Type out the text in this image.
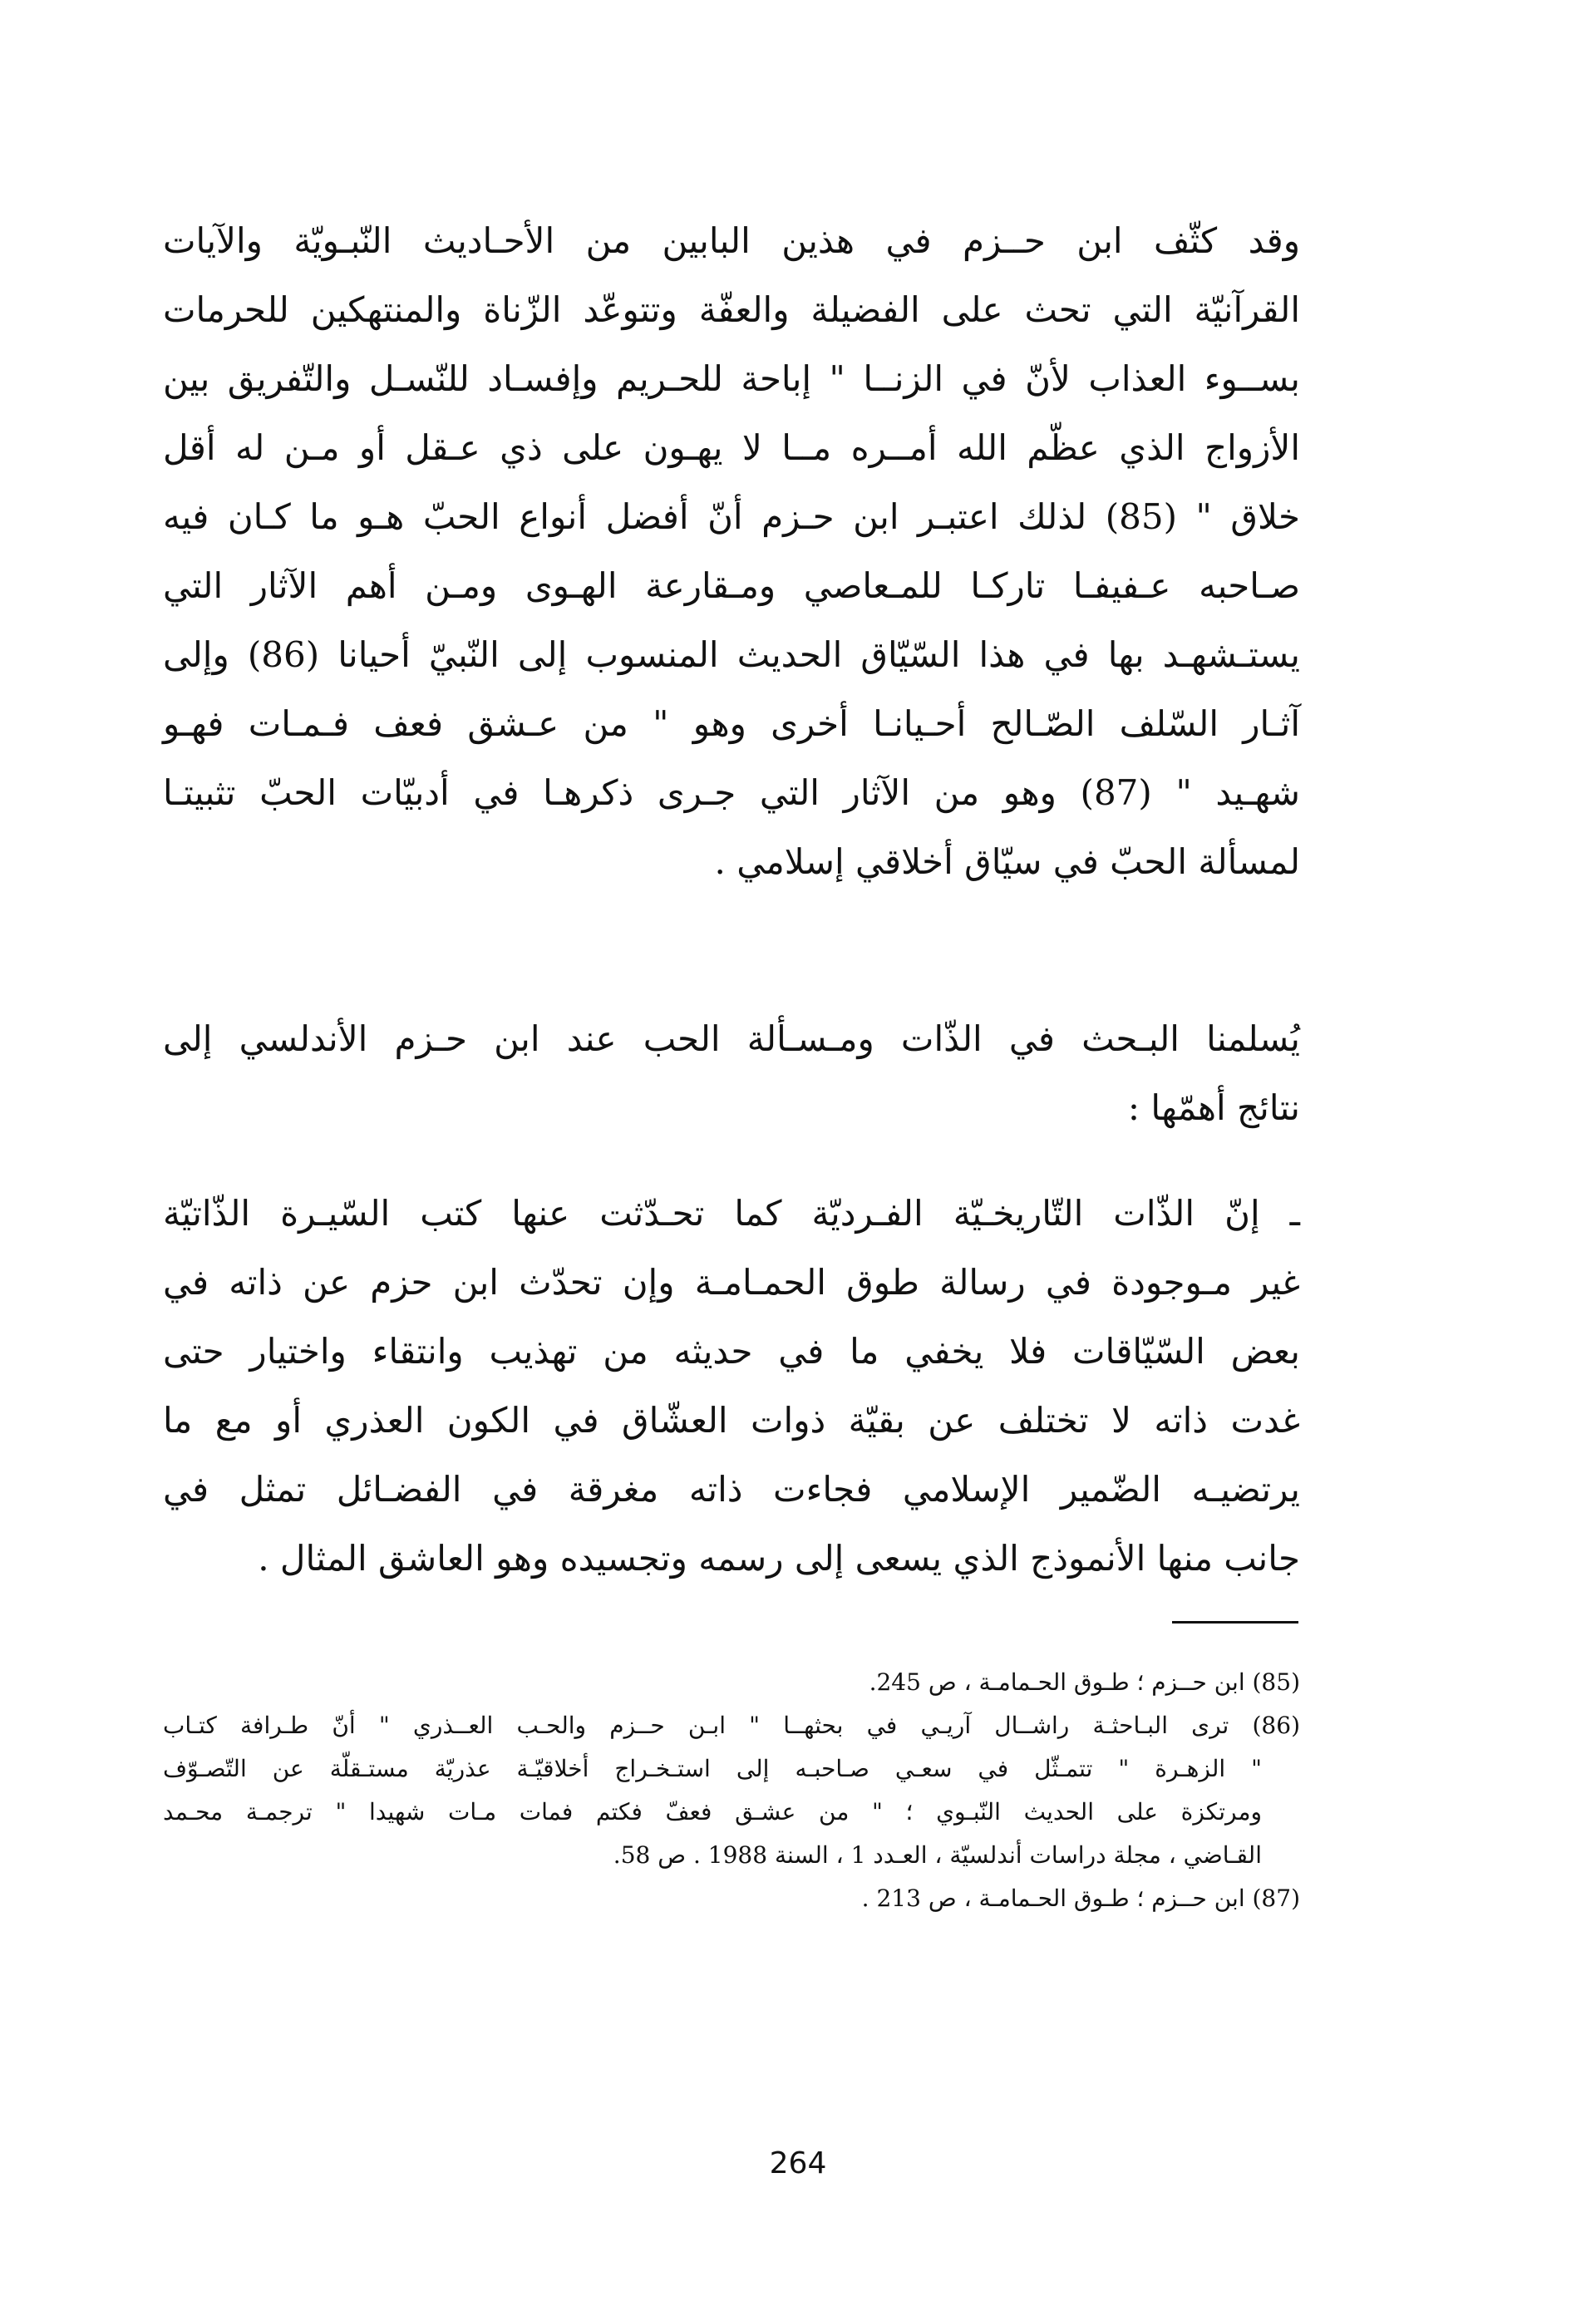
وقد كثّف ابن حــزم في هذين البابين من الأحـاديث النّبـويّة والآيات
القرآنيّة التي تحث على الفضيلة والعفّة وتتوعّد الزّناة والمنتهكين للحرمات
بســوء العذاب لأنّ في الزنــا " إباحة للحـريم وإفسـاد للنّسـل والتّفريق بين
الأزواج الذي عظّم الله أمــره مــا لا يهـون على ذي عـقل أو مـن له أقل
خلاق " (85) لذلك اعتبـر ابن حـزم أنّ أفضل أنواع الحبّ هـو ما كـان فيه
صـاحبه عـفيفـا تاركـا للمـعاصي ومـقارعة الهـوى ومـن أهم الآثار التي
يستـشهـد بها في هذا السّيّاق الحديث المنسوب إلى النّبيّ أحيانا (86) وإلى
آثـار السّلف الصّـالح أحـيانـا أخرى وهو " من عـشق فعف فـمـات فهـو
شهـيد " (87) وهو من الآثار التي جـرى ذكرهـا في أدبيّات الحبّ تثبيتـا
لمسألة الحبّ في سيّاق أخلاقي إسلامي .
يُسلمنا البـحث في الذّات ومـسـألة الحب عند ابن حـزم الأندلسي إلى
نتائج أهمّها :
ـ إنّ الذّات التّاريخـيّة الفـرديّة كما تحـدّثت عنها كتب السّيـرة الذّاتيّة
غير مـوجودة في رسالة طوق الحمـامـة وإن تحدّث ابن حزم عن ذاته في
بعض السّيّاقات فلا يخفي ما في حديثه من تهذيب وانتقاء واختيار حتى
غدت ذاته لا تختلف عن بقيّة ذوات العشّاق في الكون العذري أو مع ما
يرتضيـه الضّمير الإسلامي فجاءت ذاته مغرقة في الفضـائل تمثل في
جانب منها الأنموذج الذي يسعى إلى رسمه وتجسيده وهو العاشق المثال .
(85) ابن حــزم ؛ طـوق الحـمامـة ، ص 245.
(86) ترى البـاحثـة راشــال آريـي في بحثهــا " ابـن حــزم والحـب العــذري " أنّ طـرافة كتـاب
" الزهـرة " تتمـثّل في سعـي صـاحبـه إلى استـخـراج أخلاقيّـة عذريّة مستـقلّة عن التّصـوّف
ومرتكزة على الحديث النّبـوي ؛ " من عشـق فعفّ فكتم فمات مـات شهيدا " ترجمـة محـمد
القـاضي ، مجلة دراسات أندلسيّة ، العـدد 1 ، السنة 1988 . ص 58.
(87) ابن حــزم ؛ طـوق الحـمامـة ، ص 213 .
264
